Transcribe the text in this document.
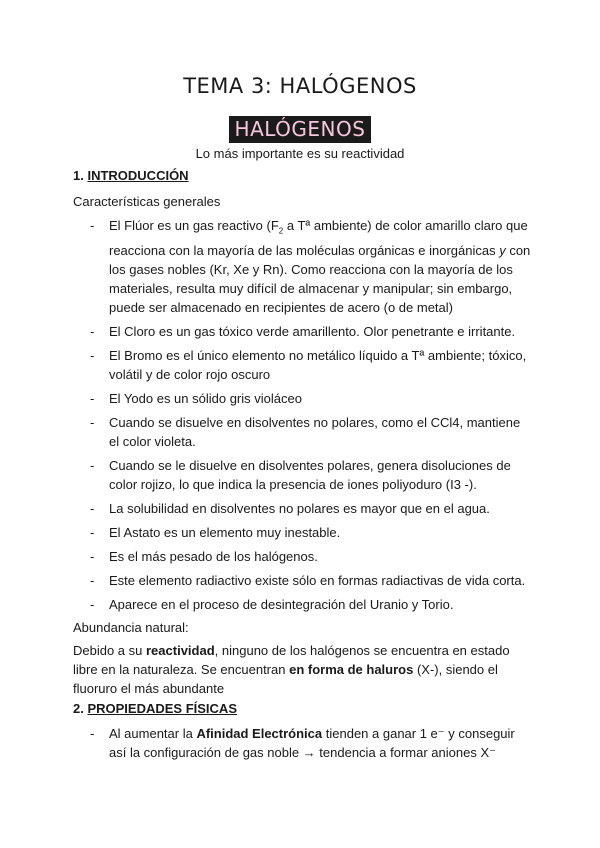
TEMA 3: HALÓGENOS
HALÓGENOS
Lo más importante es su reactividad
1. INTRODUCCIÓN
Características generales
- El Flúor es un gas reactivo ($F_2$ a Tª ambiente) de color amarillo claro que reacciona con la mayoría de las moléculas orgánicas e inorgánicas y con los gases nobles (Kr, Xe y Rn). Como reacciona con la mayoría de los materiales, resulta muy difícil de almacenar y manipular; sin embargo, puede ser almacenado en recipientes de acero (o de metal)
- El Cloro es un gas tóxico verde amarillento. Olor penetrante e irritante.
- El Bromo es el único elemento no metálico líquido a Tª ambiente; tóxico, volátil y de color rojo oscuro
- El Yodo es un sólido gris violáceo
- Cuando se disuelve en disolventes no polares, como el CCl4, mantiene el color violeta.
- Cuando se le disuelve en disolventes polares, genera disoluciones de color rojizo, lo que indica la presencia de iones poliyoduro (I3 -).
- La solubilidad en disolventes no polares es mayor que en el agua.
- El Astato es un elemento muy inestable.
- Es el más pesado de los halógenos.
- Este elemento radiactivo existe sólo en formas radiactivas de vida corta.
- Aparece en el proceso de desintegración del Uranio y Torio.
Abundancia natural:
Debido a su reactividad, ninguno de los halógenos se encuentra en estado libre en la naturaleza. Se encuentran en forma de haluros (X-), siendo el fluoruro el más abundante
2. PROPIEDADES FÍSICAS
- Al aumentar la Afinidad Electrónica tienden a ganar 1 e⁻ y conseguir así la configuración de gas noble → tendencia a formar aniones X⁻
